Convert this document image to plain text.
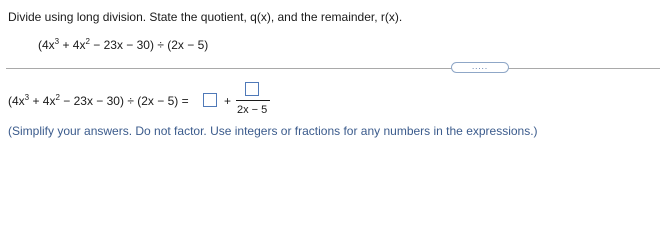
Divide using long division. State the quotient, q(x), and the remainder, r(x).
$(4x^3 + 4x^2 - 23x - 30) \div (2x - 5)$
.....
$(4x^3 + 4x^2 - 23x - 30) \div (2x - 5)$ =	+
2x − 5
(Simplify your answers. Do not factor. Use integers or fractions for any numbers in the expressions.)
